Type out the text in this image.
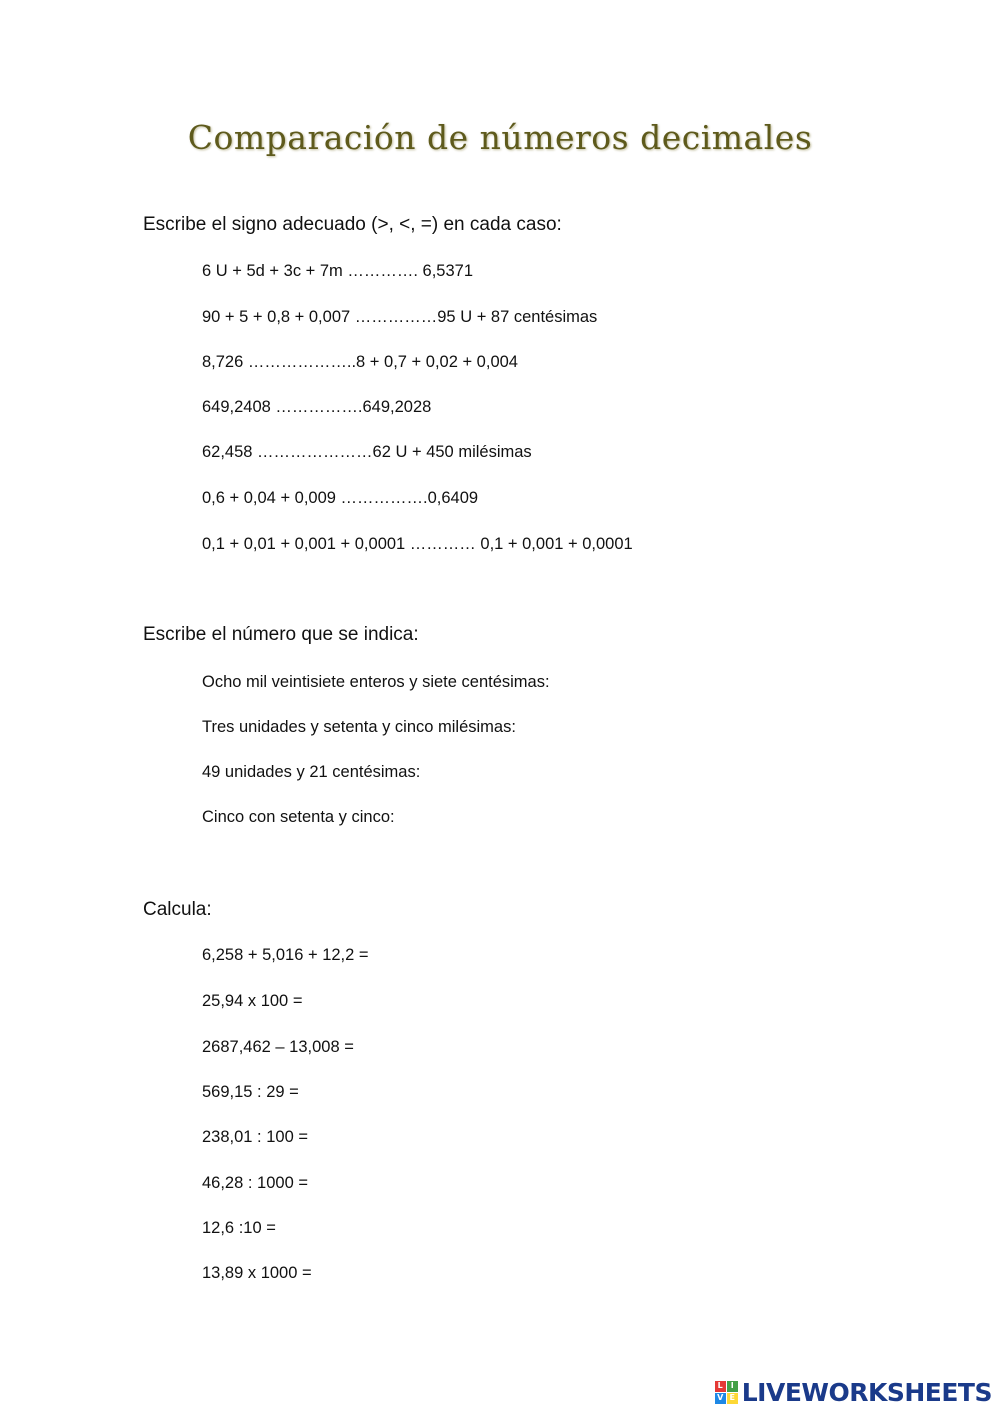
Comparación de números decimales
Escribe el signo adecuado (>, <, =) en cada caso:
6 U + 5d + 3c + 7m …………. 6,5371
90 + 5 + 0,8 + 0,007 ……………95 U + 87 centésimas
8,726 ………………..8 + 0,7 + 0,02 + 0,004
649,2408 …………….649,2028
62,458 …………………62 U + 450 milésimas
0,6 + 0,04 + 0,009 …………….0,6409
0,1 + 0,01 + 0,001 + 0,0001 ………… 0,1 + 0,001 + 0,0001
Escribe el número que se indica:
Ocho mil veintisiete enteros y siete centésimas:
Tres unidades y setenta y cinco milésimas:
49 unidades y 21 centésimas:
Cinco con setenta y cinco:
Calcula:
6,258 + 5,016 + 12,2 =
25,94 x 100 =
2687,462 – 13,008 =
569,15 : 29 =
238,01 : 100 =
46,28 : 1000 =
12,6 :10 =
13,89 x 1000 =
L I
V E LIVEWORKSHEETS
